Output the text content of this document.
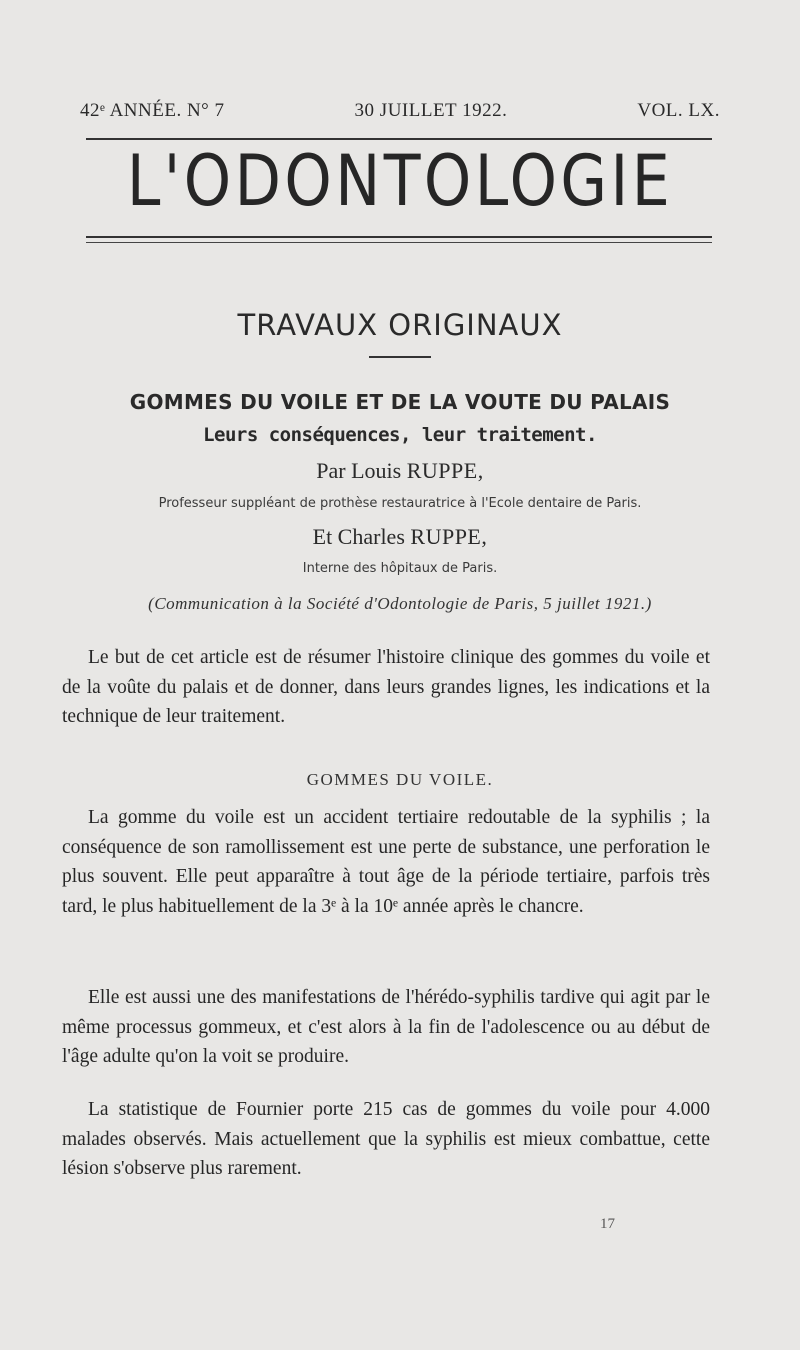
42ᵉ ANNÉE. N° 7	30 JUILLET 1922.	VOL. LX.
L'ODONTOLOGIE
TRAVAUX ORIGINAUX
GOMMES DU VOILE ET DE LA VOUTE DU PALAIS
Leurs conséquences, leur traitement.
Par Louis RUPPE,
Professeur suppléant de prothèse restauratrice à l'Ecole dentaire de Paris.
Et Charles RUPPE,
Interne des hôpitaux de Paris.
(Communication à la Société d'Odontologie de Paris, 5 juillet 1921.)

Le but de cet article est de résumer l'histoire clinique des gommes du voile et de la voûte du palais et de donner, dans leurs grandes lignes, les indications et la technique de leur traitement.

GOMMES DU VOILE.

La gomme du voile est un accident tertiaire redoutable de la syphilis ; la conséquence de son ramollissement est une perte de substance, une perforation le plus souvent. Elle peut apparaître à tout âge de la période tertiaire, parfois très tard, le plus habituellement de la 3ᵉ à la 10ᵉ année après le chancre.

Elle est aussi une des manifestations de l'hérédo-syphilis tardive qui agit par le même processus gommeux, et c'est alors à la fin de l'adolescence ou au début de l'âge adulte qu'on la voit se produire.

La statistique de Fournier porte 215 cas de gommes du voile pour 4.000 malades observés. Mais actuellement que la syphilis est mieux combattue, cette lésion s'observe plus rarement.

17
